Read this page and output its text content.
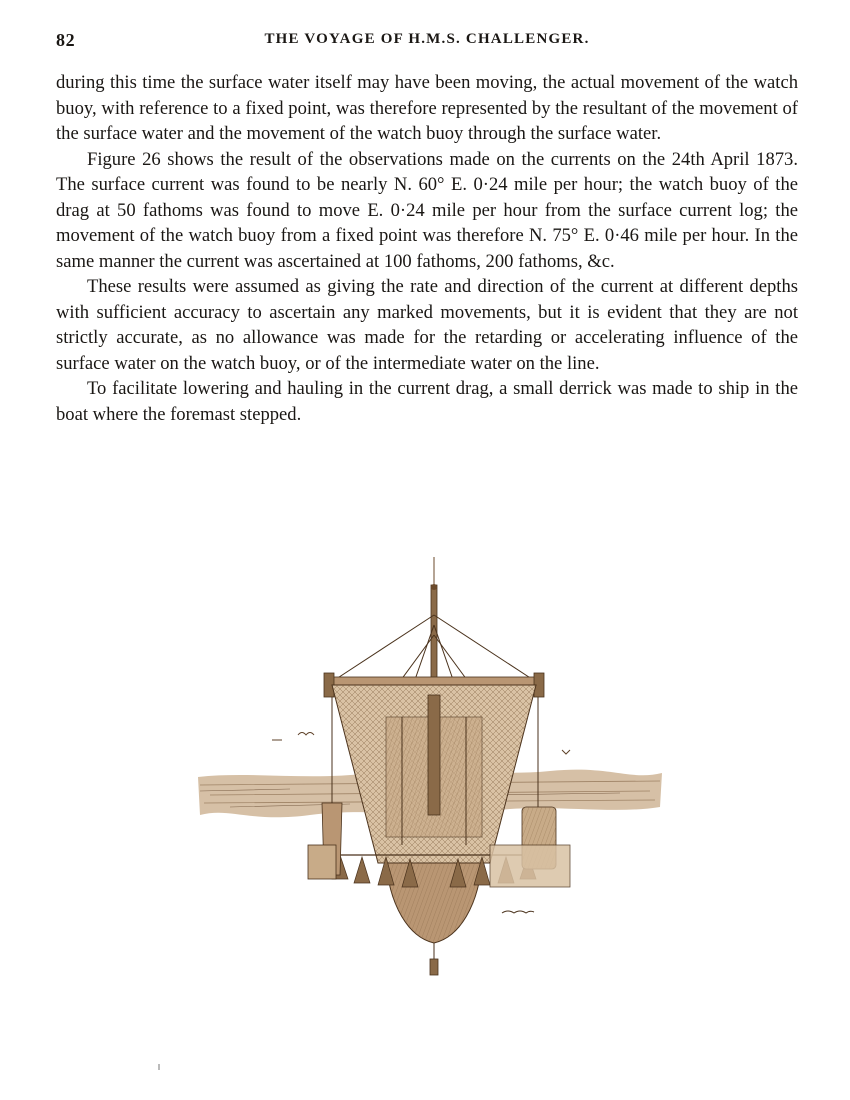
82	THE VOYAGE OF H.M.S. CHALLENGER.

during this time the surface water itself may have been moving, the actual movement of the watch buoy, with reference to a fixed point, was therefore represented by the resultant of the movement of the surface water and the movement of the watch buoy through the surface water.

Figure 26 shows the result of the observations made on the currents on the 24th April 1873. The surface current was found to be nearly N. 60° E. 0·24 mile per hour; the watch buoy of the drag at 50 fathoms was found to move E. 0·24 mile per hour from the surface current log; the movement of the watch buoy from a fixed point was therefore N. 75° E. 0·46 mile per hour. In the same manner the current was ascertained at 100 fathoms, 200 fathoms, &c.

These results were assumed as giving the rate and direction of the current at different depths with sufficient accuracy to ascertain any marked movements, but it is evident that they are not strictly accurate, as no allowance was made for the retarding or accelerating influence of the surface water on the watch buoy, or of the intermediate water on the line.

To facilitate lowering and hauling in the current drag, a small derrick was made to ship in the boat where the foremast stepped.
